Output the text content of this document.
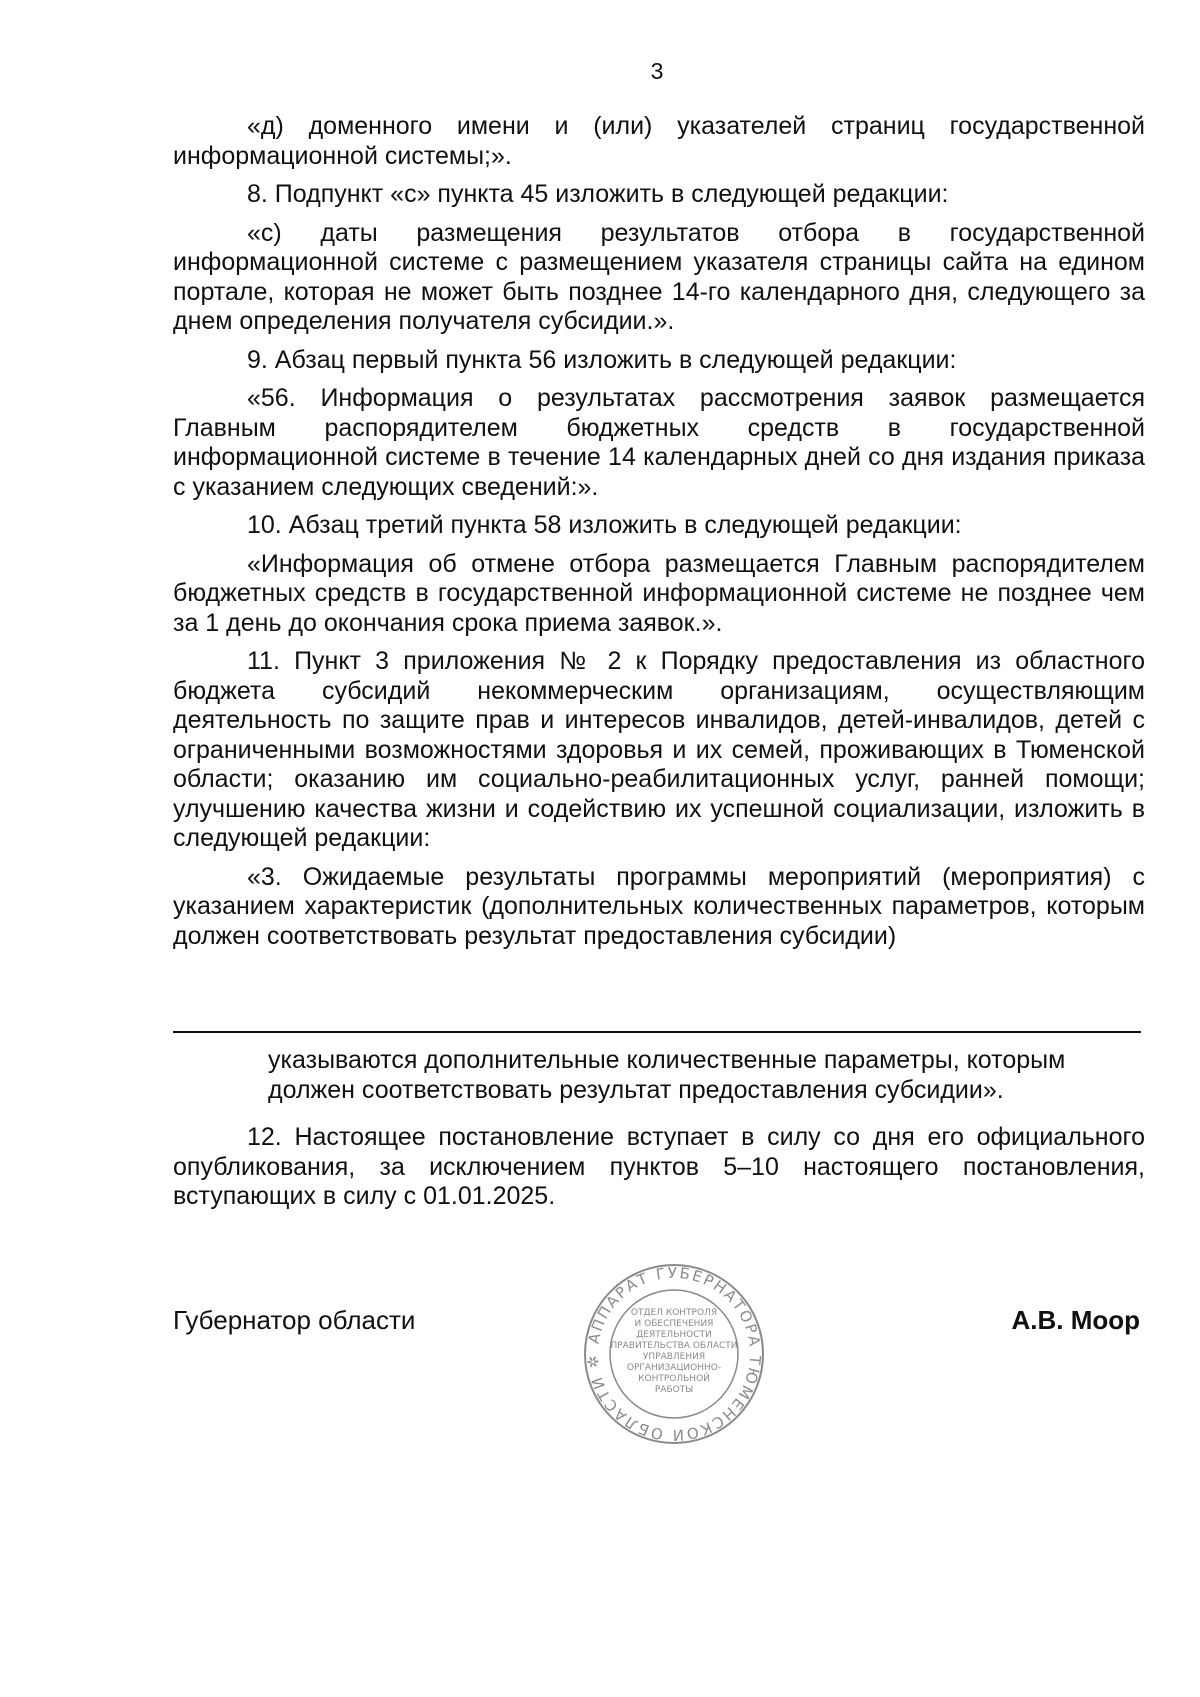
3

«д) доменного имени и (или) указателей страниц государственной информационной системы;».

8. Подпункт «с» пункта 45 изложить в следующей редакции:

«с) даты размещения результатов отбора в государственной информационной системе с размещением указателя страницы сайта на едином портале, которая не может быть позднее 14-го календарного дня, следующего за днем определения получателя субсидии.».

9. Абзац первый пункта 56 изложить в следующей редакции:

«56. Информация о результатах рассмотрения заявок размещается Главным распорядителем бюджетных средств в государственной информационной системе в течение 14 календарных дней со дня издания приказа с указанием следующих сведений:».

10. Абзац третий пункта 58 изложить в следующей редакции:

«Информация об отмене отбора размещается Главным распорядителем бюджетных средств в государственной информационной системе не позднее чем за 1 день до окончания срока приема заявок.».

11. Пункт 3 приложения № 2 к Порядку предоставления из областного бюджета субсидий некоммерческим организациям, осуществляющим деятельность по защите прав и интересов инвалидов, детей-инвалидов, детей с ограниченными возможностями здоровья и их семей, проживающих в Тюменской области; оказанию им социально-реабилитационных услуг, ранней помощи; улучшению качества жизни и содействию их успешной социализации, изложить в следующей редакции:

«3. Ожидаемые результаты программы мероприятий (мероприятия) с указанием характеристик (дополнительных количественных параметров, которым должен соответствовать результат предоставления субсидии)

указываются дополнительные количественные параметры, которым

должен соответствовать результат предоставления субсидии».

12. Настоящее постановление вступает в силу со дня его официального опубликования, за исключением пунктов 5–10 настоящего постановления, вступающих в силу с 01.01.2025.

Губернатор области	А.В. Моор
АППАРАТ ГУБЕРНАТОРА ТЮМЕНСКОЙ ОБЛАСТИ ✲
ОТДЕЛ КОНТРОЛЯ
И ОБЕСПЕЧЕНИЯ
ДЕЯТЕЛЬНОСТИ
ПРАВИТЕЛЬСТВА ОБЛАСТИ
УПРАВЛЕНИЯ
ОРГАНИЗАЦИОННО-
КОНТРОЛЬНОЙ
РАБОТЫ
